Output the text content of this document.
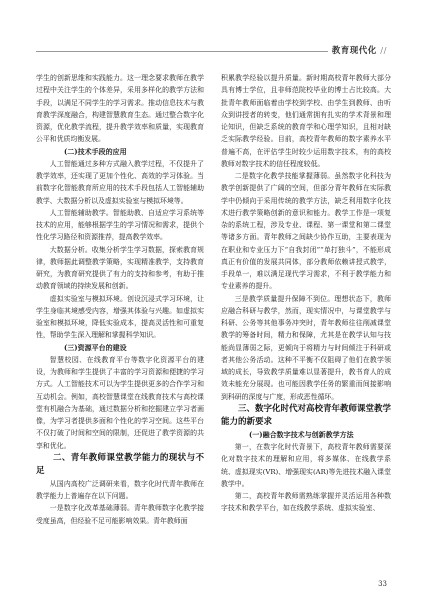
教育现代化 //

学生的创新思维和实践能力。这一理念要求教师在教学过程中关注学生的个体差异，采用多样化的教学方法和手段，以满足不同学生的学习需求。推动信息技术与教育教学深度融合，构建智慧教育生态。通过整合数字化资源，优化教学流程，提升教学效率和质量，实现教育公平和优质均衡发展。

(二)技术手段的应用

人工智能通过多种方式融入教学过程，不仅提升了教学效率，还实现了更加个性化、高效的学习体验。当前数字化智能教育所应用的技术手段包括人工智能辅助教学、大数据分析以及虚拟实验室与模拟环境等。

人工智能辅助教学。智能助教、自适应学习系统等技术的应用，能够根据学生的学习情况和需求，提供个性化学习路径和资源推荐，提高教学效率。

大数据分析。收集分析学生学习数据，探索教育规律，教师据此调整教学策略，实现精准教学，支持教育研究，为教育研究提供了有力的支持和参考，有助于推动教育领域的持续发展和创新。

虚拟实验室与模拟环境。创设沉浸式学习环境，让学生身临其境感受内容，增强其体验与兴趣。如虚拟实验室和模拟环境，降低实验成本，提高灵活性和可重复性，帮助学生深入理解和掌握科学知识。

(三)资源平台的建设

智慧校园、在线教育平台等数字化资源平台的建设，为教师和学生提供了丰富的学习资源和便捷的学习方式。人工智能技术可以为学生提供更多的合作学习和互动机会。例如，高校智慧课堂在线教育技术与高校课堂有机融合为基础，通过数据分析和挖掘建立学习者画像，为学习者提供多面和个性化的学习空间。这些平台不仅打破了时间和空间的限制，还促进了教学资源的共享和优化。

二、青年教师课堂教学能力的现状与不足

从国内高校广泛调研来看，数字化时代青年教师在教学能力上普遍存在以下问题。

一是数字化改革基础薄弱。青年教师数字化教学接受度虽高，但经验不足可能影响效果。青年教师面

积累教学经验以提升质量。新时期高校青年教师大部分具有博士学位，且非师范院校毕业的博士占比较高。大批青年教师面临着由学校到学校、由学生到教师、由听众到讲授者的转变，他们通常拥有扎实的学术背景和理论知识，但缺乏系统的教育学和心理学知识，且相对缺乏实际教学经验。目前，高校青年教师的数字素养水平普遍不高，在评估学生时较少运用数字技术，有的高校教师对数字技术的信任程度较低。

二是数字化教学技能掌握薄弱。虽然数字化科技为教学创新提供了广阔的空间，但部分青年教师在实际教学中仍倾向于采用传统的教学方法，缺乏利用数字化技术进行教学策略创新的意识和能力。教学工作是一项复杂的系统工程，涉及专业、课程、第一课堂和第二课堂等诸多方面。青年教师之间缺少协作互助，主要表现为在职业和专业压力下“自我封闭”“单打独斗”，不能形成真正有价值的发展共同体，部分教师依赖讲授式教学，手段单一，难以满足现代学习需求，不利于教学能力和专业素养的提升。

三是教学质量提升保障不到位。理想状态下，教师应融合科研与教学，然而，现实情况中，与课堂教学与科研、公务等其他事务冲突时，青年教师往往削减课堂教学的筹备时间，精力和保障，尤其是在教学认知与技能尚显薄弱之际，更倾向于将精力与时间倾注于科研或者其他公务活动。这种不平衡不仅阻碍了他们在教学领域的成长，导致教学质量难以显著提升，教书育人的成效未能充分展现。也可能因教学任务的繁重而间接影响到科研的深度与广度，形成恶性循环。

三、数字化时代对高校青年教师课堂教学能力的新要求

(一)融合数字技术与创新教学方法

第一，在数字化时代背景下，高校青年教师需要深化对数字技术的理解和应用，将多媒体、在线教学系统、虚拟现实(VR)、增强现实(AR)等先进技术融入课堂教学中。

第二，高校青年教师需熟练掌握并灵活运用各种数字技术和教学平台，如在线教学系统、虚拟实验室、

33
